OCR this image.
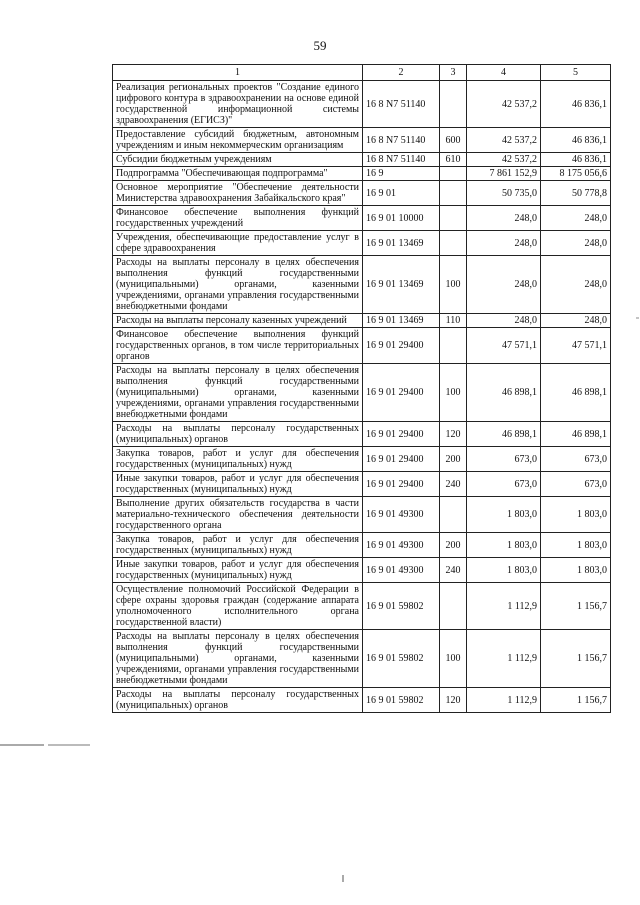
59
1	2	3	4	5
Реализация региональных проектов "Создание единого цифрового контура в здравоохранении на основе единой государственной информационной системы здравоохранения (ЕГИСЗ)"	16 8 N7 51140		42 537,2	46 836,1
Предоставление субсидий бюджетным, автономным учреждениям и иным некоммерческим организациям	16 8 N7 51140	600	42 537,2	46 836,1
Субсидии бюджетным учреждениям	16 8 N7 51140	610	42 537,2	46 836,1
Подпрограмма "Обеспечивающая подпрограмма"	16 9		7 861 152,9	8 175 056,6
Основное мероприятие "Обеспечение деятельности Министерства здравоохранения Забайкальского края"	16 9 01		50 735,0	50 778,8
Финансовое обеспечение выполнения функций государственных учреждений	16 9 01 10000		248,0	248,0
Учреждения, обеспечивающие предоставление услуг в сфере здравоохранения	16 9 01 13469		248,0	248,0
Расходы на выплаты персоналу в целях обеспечения выполнения функций государственными (муниципальными) органами, казенными учреждениями, органами управления государственными внебюджетными фондами	16 9 01 13469	100	248,0	248,0
Расходы на выплаты персоналу казенных учреждений	16 9 01 13469	110	248,0	248,0
Финансовое обеспечение выполнения функций государственных органов, в том числе территориальных органов	16 9 01 29400		47 571,1	47 571,1
Расходы на выплаты персоналу в целях обеспечения выполнения функций государственными (муниципальными) органами, казенными учреждениями, органами управления государственными внебюджетными фондами	16 9 01 29400	100	46 898,1	46 898,1
Расходы на выплаты персоналу государственных (муниципальных) органов	16 9 01 29400	120	46 898,1	46 898,1
Закупка товаров, работ и услуг для обеспечения государственных (муниципальных) нужд	16 9 01 29400	200	673,0	673,0
Иные закупки товаров, работ и услуг для обеспечения государственных (муниципальных) нужд	16 9 01 29400	240	673,0	673,0
Выполнение других обязательств государства в части материально-технического обеспечения деятельности государственного органа	16 9 01 49300		1 803,0	1 803,0
Закупка товаров, работ и услуг для обеспечения государственных (муниципальных) нужд	16 9 01 49300	200	1 803,0	1 803,0
Иные закупки товаров, работ и услуг для обеспечения государственных (муниципальных) нужд	16 9 01 49300	240	1 803,0	1 803,0
Осуществление полномочий Российской Федерации в сфере охраны здоровья граждан (содержание аппарата уполномоченного исполнительного органа государственной власти)	16 9 01 59802		1 112,9	1 156,7
Расходы на выплаты персоналу в целях обеспечения выполнения функций государственными (муниципальными) органами, казенными учреждениями, органами управления государственными внебюджетными фондами	16 9 01 59802	100	1 112,9	1 156,7
Расходы на выплаты персоналу государственных (муниципальных) органов	16 9 01 59802	120	1 112,9	1 156,7
